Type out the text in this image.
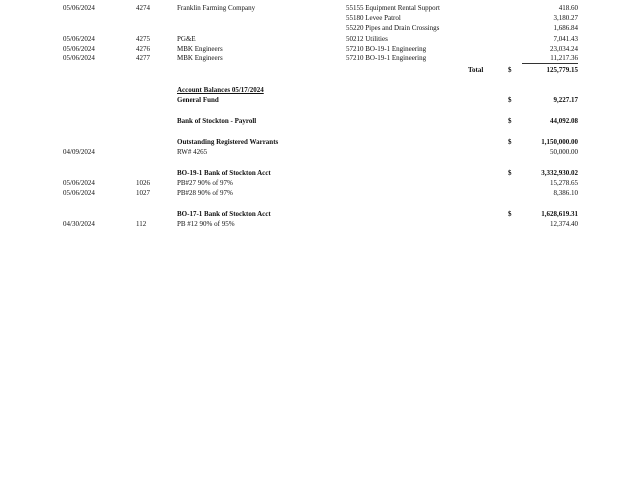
05/06/2024	4274	Franklin Farming Company	55155 Equipment Rental Support	418.60
55180 Levee Patrol	3,180.27
55220 Pipes and Drain Crossings	1,686.84
05/06/2024	4275	PG&E	50212 Utilities	7,041.43
05/06/2024	4276	MBK Engineers	57210 BO-19-1 Engineering	23,034.24
05/06/2024	4277	MBK Engineers	57210 BO-19-1 Engineering	11,217.36
Total	$	125,779.15
Account Balances 05/17/2024
General Fund	$	9,227.17
Bank of Stockton - Payroll	$	44,092.08
Outstanding Registered Warrants	$	1,150,000.00
04/09/2024	RW# 4265	50,000.00
BO-19-1 Bank of Stockton Acct	$	3,332,930.02
05/06/2024	1026	PB#27 90% of 97%	15,278.65
05/06/2024	1027	PB#28 90% of 97%	8,386.10
BO-17-1 Bank of Stockton Acct	$	1,628,619.31
04/30/2024	112	PB #12 90% of 95%	12,374.40
